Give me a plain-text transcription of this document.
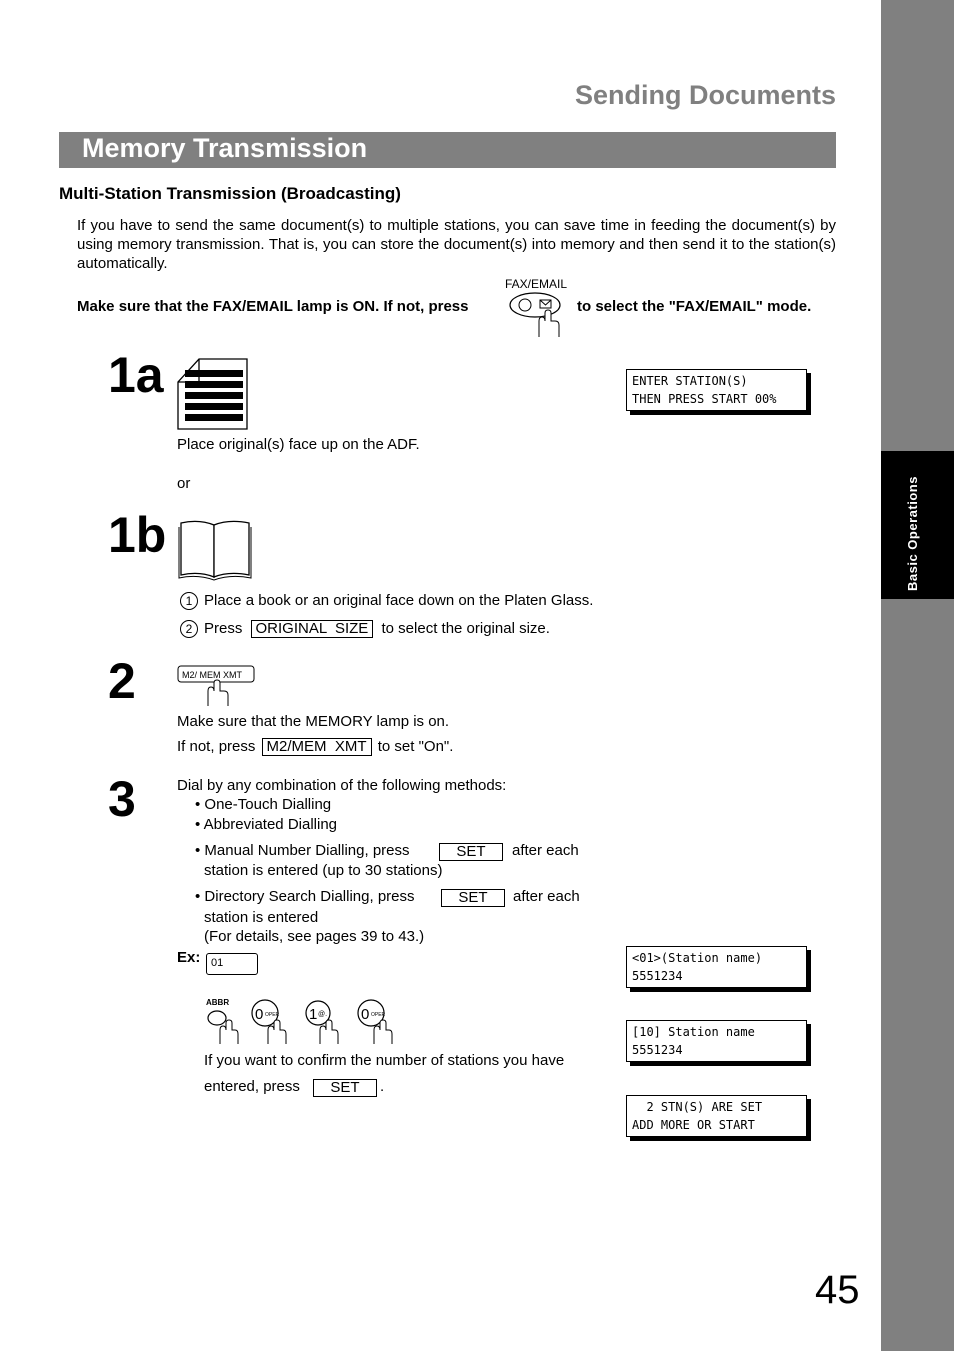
Basic Operations
Sending Documents
Memory Transmission
Multi-Station Transmission (Broadcasting)
If you have to send the same document(s) to multiple stations, you can save time in feeding the document(s) by using memory transmission. That is, you can store the document(s) into memory and then send it to the station(s) automatically.
Make sure that the FAX/EMAIL lamp is ON. If not, press
FAX/EMAIL
to select the "FAX/EMAIL" mode.
1a
Place original(s) face up on the ADF.
ENTER STATION(S)
THEN PRESS START 00%
or
1b
1 Place a book or an original face down on the Platen Glass.
2 Press ORIGINAL  SIZE to select the original size.
2	M2/ MEM XMT
Make sure that the MEMORY lamp is on.
If not, press M2/MEM  XMT to set "On".
3	Dial by any combination of the following methods:
• One-Touch Dialling
• Abbreviated Dialling
• Manual Number Dialling, press	SET	after each
station is entered (up to 30 stations)
• Directory Search Dialling, press	SET	after each
station is entered
(For details, see pages 39 to 43.)
Ex: 01
ABBR
0 OPER 1 @. 0 OPER
If you want to confirm the number of stations you have
entered, press	SET	.
<01>(Station name)
5551234
[10] Station name
5551234
2 STN(S) ARE SET
ADD MORE OR START
45
